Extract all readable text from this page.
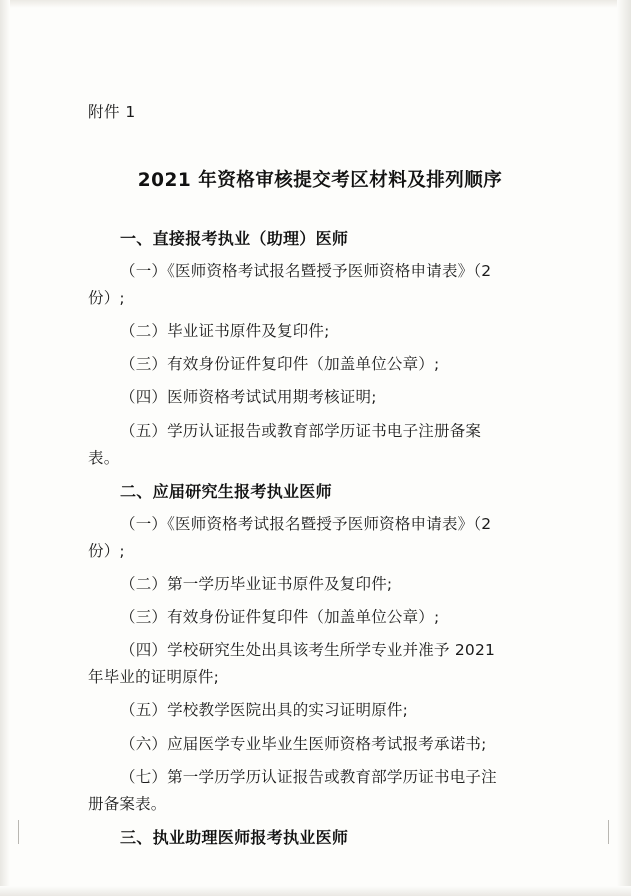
附件 1
2021 年资格审核提交考区材料及排列顺序
一、直接报考执业（助理）医师
（一）《医师资格考试报名暨授予医师资格申请表》（2
份）;
（二）毕业证书原件及复印件;
（三）有效身份证件复印件（加盖单位公章）;
（四）医师资格考试试用期考核证明;
（五）学历认证报告或教育部学历证书电子注册备案
表。
二、应届研究生报考执业医师
（一）《医师资格考试报名暨授予医师资格申请表》（2
份）;
（二）第一学历毕业证书原件及复印件;
（三）有效身份证件复印件（加盖单位公章）;
（四）学校研究生处出具该考生所学专业并准予 2021
年毕业的证明原件;
（五）学校教学医院出具的实习证明原件;
（六）应届医学专业毕业生医师资格考试报考承诺书;
（七）第一学历学历认证报告或教育部学历证书电子注
册备案表。
三、执业助理医师报考执业医师
